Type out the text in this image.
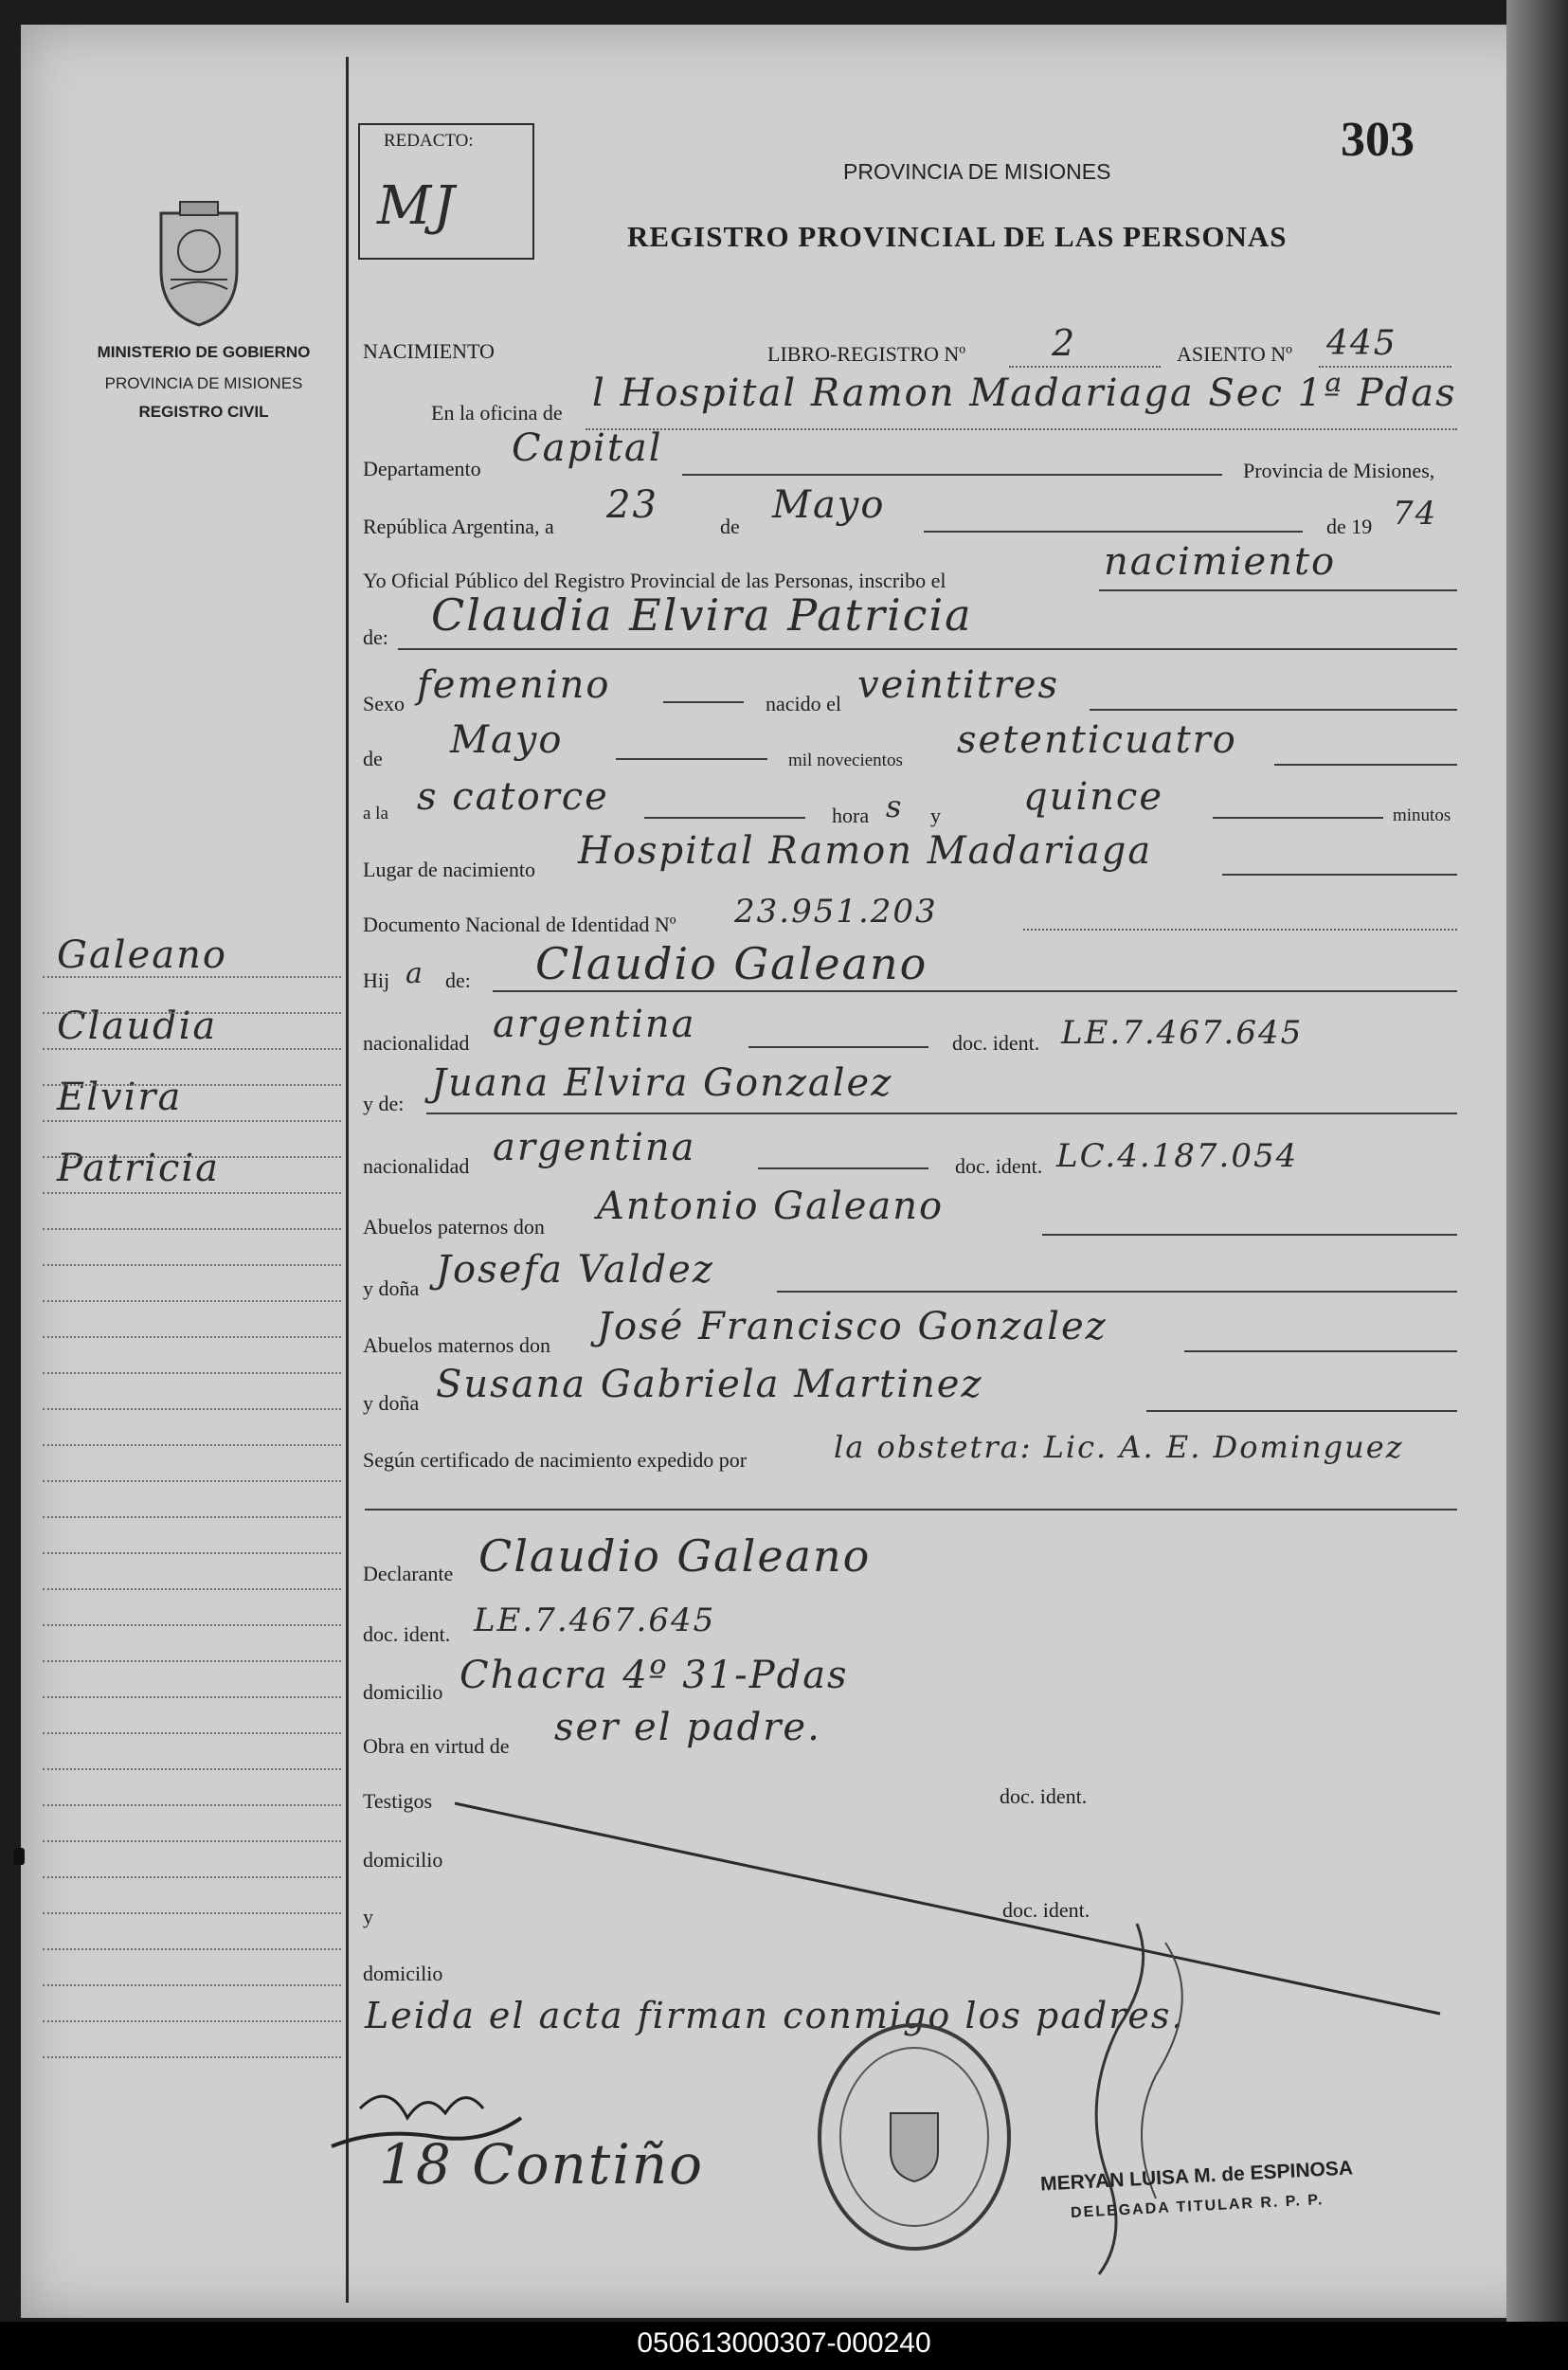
303
REDACTO:
MJ
MINISTERIO DE GOBIERNO
PROVINCIA DE MISIONES
REGISTRO CIVIL
PROVINCIA DE MISIONES
REGISTRO PROVINCIAL DE LAS PERSONAS
NACIMIENTO	LIBRO-REGISTRO Nº 2	ASIENTO Nº 445
En la oficina de l Hospital Ramon Madariaga Sec 1ª Pdas
Departamento Capital
Provincia de Misiones,
República Argentina, a 23	de Mayo	de 19 74
Yo Oficial Público del Registro Provincial de las Personas, inscribo el	nacimiento
de: Claudia Elvira Patricia
Sexo femenino	nacido el veintitres
de Mayo	mil novecientos setenticuatro
a la s catorce	hora s y quince	minutos
Lugar de nacimiento Hospital Ramon Madariaga
Documento Nacional de Identidad Nº 23.951.203
Hij a de: Claudio Galeano
nacionalidad argentina	doc. ident. LE.7.467.645
y de: Juana Elvira Gonzalez
nacionalidad argentina	doc. ident. LC.4.187.054
Abuelos paternos don Antonio Galeano
y doña Josefa Valdez
Abuelos maternos don José Francisco Gonzalez
y doña Susana Gabriela Martinez
Según certificado de nacimiento expedido por	la obstetra: Lic. A. E. Dominguez
Declarante Claudio Galeano
doc. ident. LE.7.467.645
domicilio Chacra 4º 31-Pdas
Obra en virtud de ser el padre.
Testigos	doc. ident.
domicilio
y	doc. ident.
domicilio
Leida el acta firman conmigo los padres.
18 Contiño	MERYAN LUISA M. de ESPINOSA
DELEGADA TITULAR R. P. P.
Galeano
Claudia
Elvira
Patricia
050613000307-000240
